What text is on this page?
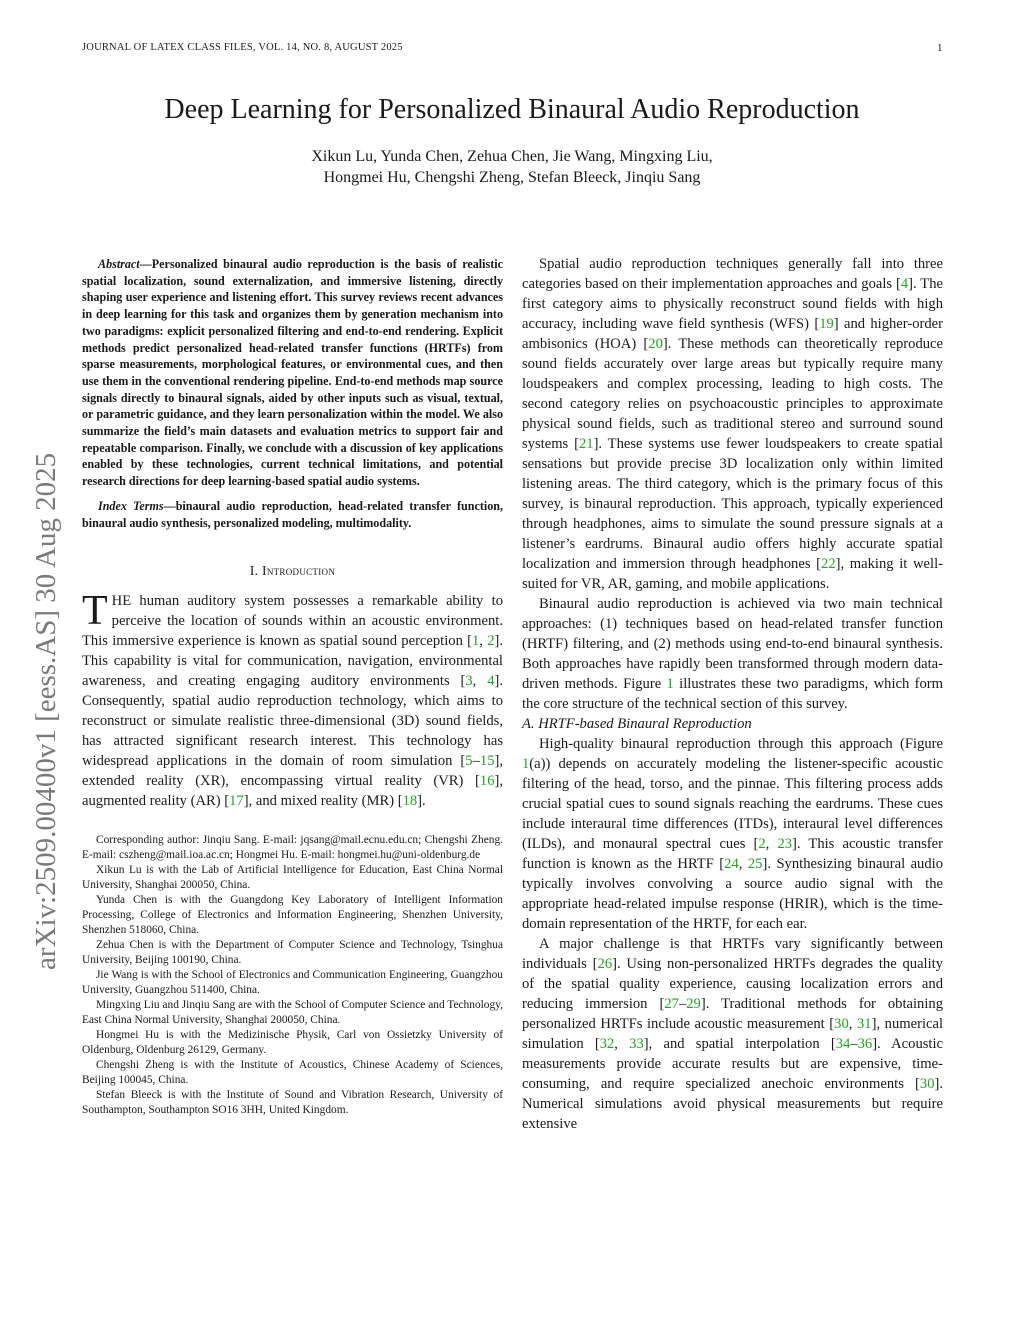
JOURNAL OF LATEX CLASS FILES, VOL. 14, NO. 8, AUGUST 2025	1
Deep Learning for Personalized Binaural Audio Reproduction
Xikun Lu, Yunda Chen, Zehua Chen, Jie Wang, Mingxing Liu,
Hongmei Hu, Chengshi Zheng, Stefan Bleeck, Jinqiu Sang
arXiv:2509.00400v1 [eess.AS] 30 Aug 2025

Abstract—Personalized binaural audio reproduction is the basis of realistic spatial localization, sound externalization, and immersive listening, directly shaping user experience and listening effort. This survey reviews recent advances in deep learning for this task and organizes them by generation mechanism into two paradigms: explicit personalized filtering and end-to-end rendering. Explicit methods predict personalized head-related transfer functions (HRTFs) from sparse measurements, morphological features, or environmental cues, and then use them in the conventional rendering pipeline. End-to-end methods map source signals directly to binaural signals, aided by other inputs such as visual, textual, or parametric guidance, and they learn personalization within the model. We also summarize the field’s main datasets and evaluation metrics to support fair and repeatable comparison. Finally, we conclude with a discussion of key applications enabled by these technologies, current technical limitations, and potential research directions for deep learning-based spatial audio systems.

Index Terms—binaural audio reproduction, head-related transfer function, binaural audio synthesis, personalized modeling, multimodality.

I. Introduction

THE human auditory system possesses a remarkable ability to perceive the location of sounds within an acoustic environment. This immersive experience is known as spatial sound perception [1, 2]. This capability is vital for communication, navigation, environmental awareness, and creating engaging auditory environments [3, 4]. Consequently, spatial audio reproduction technology, which aims to reconstruct or simulate realistic three-dimensional (3D) sound fields, has attracted significant research interest. This technology has widespread applications in the domain of room simulation [5–15], extended reality (XR), encompassing virtual reality (VR) [16], augmented reality (AR) [17], and mixed reality (MR) [18].

Corresponding author: Jinqiu Sang. E-mail: jqsang@mail.ecnu.edu.cn; Chengshi Zheng. E-mail: cszheng@mail.ioa.ac.cn; Hongmei Hu. E-mail: hongmei.hu@uni-oldenburg.de

Xikun Lu is with the Lab of Artificial Intelligence for Education, East China Normal University, Shanghai 200050, China.

Yunda Chen is with the Guangdong Key Laboratory of Intelligent Information Processing, College of Electronics and Information Engineering, Shenzhen University, Shenzhen 518060, China.

Zehua Chen is with the Department of Computer Science and Technology, Tsinghua University, Beijing 100190, China.

Jie Wang is with the School of Electronics and Communication Engineering, Guangzhou University, Guangzhou 511400, China.

Mingxing Liu and Jinqiu Sang are with the School of Computer Science and Technology, East China Normal University, Shanghai 200050, China.

Hongmei Hu is with the Medizinische Physik, Carl von Ossietzky University of Oldenburg, Oldenburg 26129, Germany.

Chengshi Zheng is with the Institute of Acoustics, Chinese Academy of Sciences, Beijing 100045, China.

Stefan Bleeck is with the Institute of Sound and Vibration Research, University of Southampton, Southampton SO16 3HH, United Kingdom.

Spatial audio reproduction techniques generally fall into three categories based on their implementation approaches and goals [4]. The first category aims to physically reconstruct sound fields with high accuracy, including wave field synthesis (WFS) [19] and higher-order ambisonics (HOA) [20]. These methods can theoretically reproduce sound fields accurately over large areas but typically require many loudspeakers and complex processing, leading to high costs. The second category relies on psychoacoustic principles to approximate physical sound fields, such as traditional stereo and surround sound systems [21]. These systems use fewer loudspeakers to create spatial sensations but provide precise 3D localization only within limited listening areas. The third category, which is the primary focus of this survey, is binaural reproduction. This approach, typically experienced through headphones, aims to simulate the sound pressure signals at a listener’s eardrums. Binaural audio offers highly accurate spatial localization and immersion through headphones [22], making it well-suited for VR, AR, gaming, and mobile applications.

Binaural audio reproduction is achieved via two main technical approaches: (1) techniques based on head-related transfer function (HRTF) filtering, and (2) methods using end-to-end binaural synthesis. Both approaches have rapidly been transformed through modern data-driven methods. Figure 1 illustrates these two paradigms, which form the core structure of the technical section of this survey.

A. HRTF-based Binaural Reproduction

High-quality binaural reproduction through this approach (Figure 1(a)) depends on accurately modeling the listener-specific acoustic filtering of the head, torso, and the pinnae. This filtering process adds crucial spatial cues to sound signals reaching the eardrums. These cues include interaural time differences (ITDs), interaural level differences (ILDs), and monaural spectral cues [2, 23]. This acoustic transfer function is known as the HRTF [24, 25]. Synthesizing binaural audio typically involves convolving a source audio signal with the appropriate head-related impulse response (HRIR), which is the time-domain representation of the HRTF, for each ear.

A major challenge is that HRTFs vary significantly between individuals [26]. Using non-personalized HRTFs degrades the quality of the spatial quality experience, causing localization errors and reducing immersion [27–29]. Traditional methods for obtaining personalized HRTFs include acoustic measurement [30, 31], numerical simulation [32, 33], and spatial interpolation [34–36]. Acoustic measurements provide accurate results but are expensive, time-consuming, and require specialized anechoic environments [30]. Numerical simulations avoid physical measurements but require extensive
